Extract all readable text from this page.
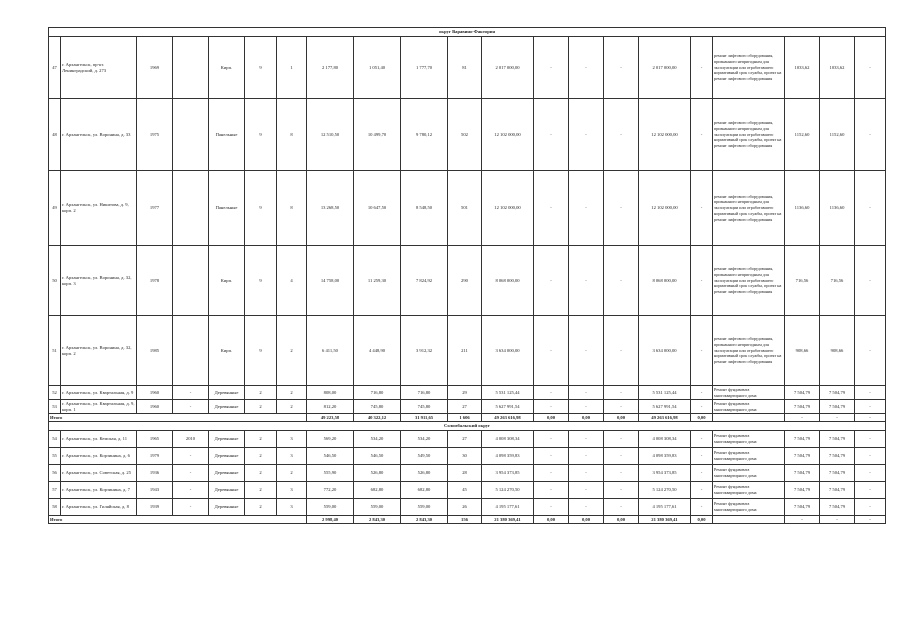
округ Варавино-Фактория																				
47	г. Архангельск, пр-кт. Ленинградский, д. 273	1969		Кирп.	9	1	2 177,80	1 051,40	1 777,70	81	2 017 000,00	-	-	-	2 017 000,00	-	ремонт лифтового оборудования, признанного непригодным для эксплуатации или отработавшего нормативный срок службы, проект на ремонт лифтового оборудования	1033,62	1033,62	-
48	г. Архангельск, ул. Воронина, д. 33	1975		Панельные	9	8	12 510,50	10 499,70	9 780,12	502	12 102 000,00	-	-	-	12 102 000,00	-	ремонт лифтового оборудования, признанного непригодным для эксплуатации или отработавшего нормативный срок службы, проект на ремонт лифтового оборудования	1152,60	1152,60	-
49	г. Архангельск, ул. Никитова, д. 9, корп. 2	1977		Панельные	9	8	13 268,50	10 647,50	8 548,50	501	12 102 000,00	-	-	-	12 102 000,00	-	ремонт лифтового оборудования, признанного непригодным для эксплуатации или отработавшего нормативный срок службы, проект на ремонт лифтового оборудования	1136,60	1136,60	-
50	г. Архангельск, ул. Воронина, д. 32, корп. 3	1978		Кирп.	9	4	14 758,00	11 259,30	7 824,92	290	8 068 000,00	-	-	-	8 068 000,00	-	ремонт лифтового оборудования, признанного непригодным для эксплуатации или отработавшего нормативный срок службы, проект на ремонт лифтового оборудования	716,56	716,56	-
51	г. Архангельск, ул. Воронина, д. 32, корп. 2	1985		Кирп.	9	2	6 411,50	4 448,90	3 912,32	211	3 634 000,00	-	-	-	3 634 000,00	-	ремонт лифтового оборудования, признанного непригодным для эксплуатации или отработавшего нормативный срок службы, проект на ремонт лифтового оборудования	908,66	908,66	-
52	г. Архангельск, ул. Квартальная, д. 9	1960	-	Деревянные	2	2	808,00	716,80	716,80	29	5 531 125,44	-	-	-	5 531 125,44	-	Ремонт фундамента многоквартирного дома	7 504,79	7 504,79	-
53	г. Архангельск, ул. Квартальная, д. 9, корп. 1	1960	-	Деревянные	2	2	812,20	745,80	745,80	27	5 627 991,54	-	-	-	5 627 991,54	-	Ремонт фундамента многоквартирного дома	7 504,79	7 504,79	-
Итого							49 223,58	40 322,12	31 911,65	1 606	49 263 616,98	0,00	0,00	0,00	49 263 616,98	0,00		-	-	-
Соломбальский округ																				
54	г. Архангельск, ул. Кемская, д. 11	1965	2010	Деревянные	2	3	569,20	534,20	534,20	27	4 008 308,34	-	-	-	4 008 308,34	-	Ремонт фундамента многоквартирного дома	7 504,79	7 504,79	-
55	г. Архангельск, ул. Корзинина, д. 6	1979	-	Деревянные	2	3	546,50	546,50	549,50	30	4 098 359,83	-	-	-	4 098 359,83	-	Ремонт фундамента многоквартирного дома	7 504,79	7 504,79	-
56	г. Архангельск, ул. Советская, д. 25	1936	-	Деревянные	2	2	555,90	526,80	526,80	28	3 954 373,85	-	-	-	3 954 373,85	-	Ремонт фундамента многоквартирного дома	7 504,79	7 504,79	-
57	г. Архангельск, ул. Корзинина, д. 7	1943	-	Деревянные	2	3	772,20	682,80	682,80	45	5 124 270,50	-	-	-	5 124 270,50	-	Ремонт фундамента многоквартирного дома	7 504,79	7 504,79	-
58	г. Архангельск, ул. Гиляйская, д. 8	1939	-	Деревянные	2	3	559,00	559,00	559,00	26	4 195 177,61	-	-	-	4 195 177,61	-	Ремонт фундамента многоквартирного дома	7 504,79	7 504,79	-
Итого							2 998,40	2 843,30	2 843,30	156	21 380 369,41	0,00	0,00	0,00	21 380 369,41	0,00		-	-	-
